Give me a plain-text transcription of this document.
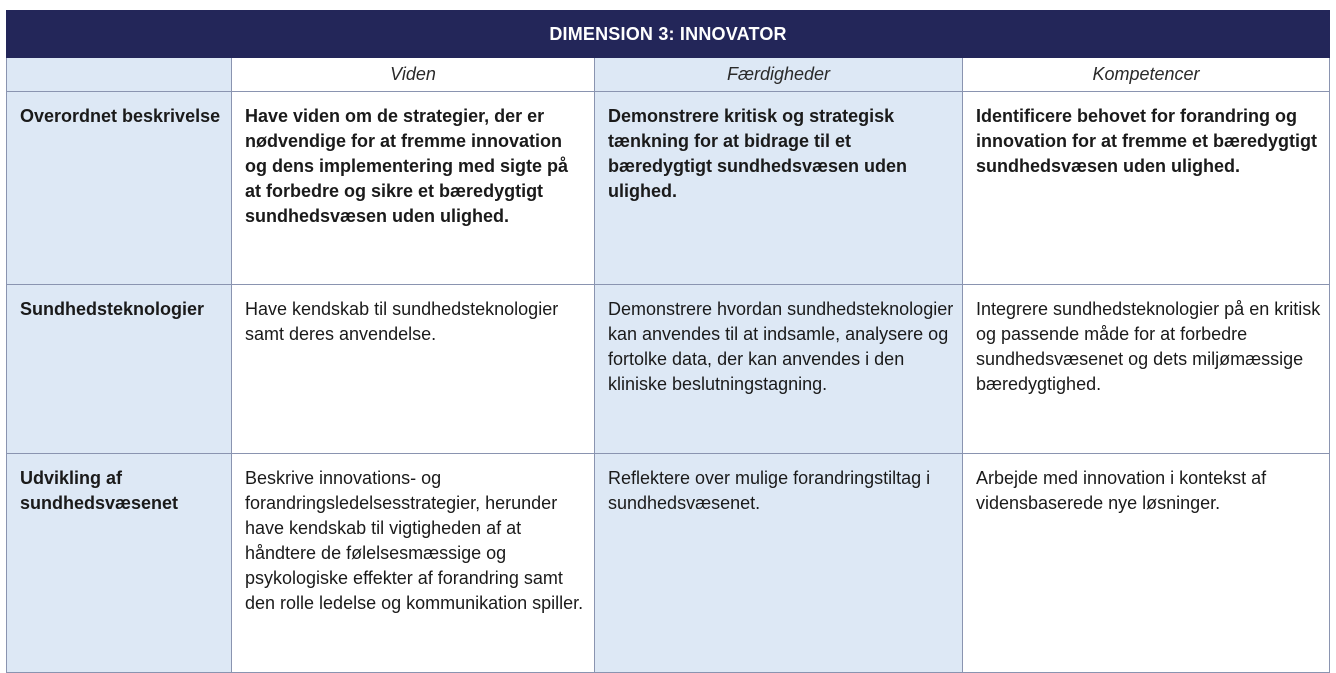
DIMENSION 3: INNOVATOR			
	Viden	Færdigheder	Kompetencer
Overordnet beskrivelse	Have viden om de strategier, der er nødvendige for at fremme innovation og dens implementering med sigte på at forbedre og sikre et bæredygtigt sundhedsvæsen uden ulighed.	Demonstrere kritisk og strategisk tænkning for at bidrage til et bæredygtigt sundhedsvæsen uden ulighed.	Identificere behovet for forandring og innovation for at fremme et bæredygtigt sundhedsvæsen uden ulighed.
Sundhedsteknologier	Have kendskab til sundhedsteknologier samt deres anvendelse.	Demonstrere hvordan sundhedsteknologier kan anvendes til at indsamle, analysere og fortolke data, der kan anvendes i den kliniske beslutningstagning.	Integrere sundhedsteknologier på en kritisk og passende måde for at forbedre sundhedsvæsenet og dets miljømæssige bæredygtighed.
Udvikling af sundhedsvæsenet	Beskrive innovations- og forandringsledelsesstrategier, herunder have kendskab til vigtigheden af at håndtere de følelsesmæssige og psykologiske effekter af forandring samt den rolle ledelse og kommunikation spiller.	Reflektere over mulige forandringstiltag i sundhedsvæsenet.	Arbejde med innovation i kontekst af vidensbaserede nye løsninger.
